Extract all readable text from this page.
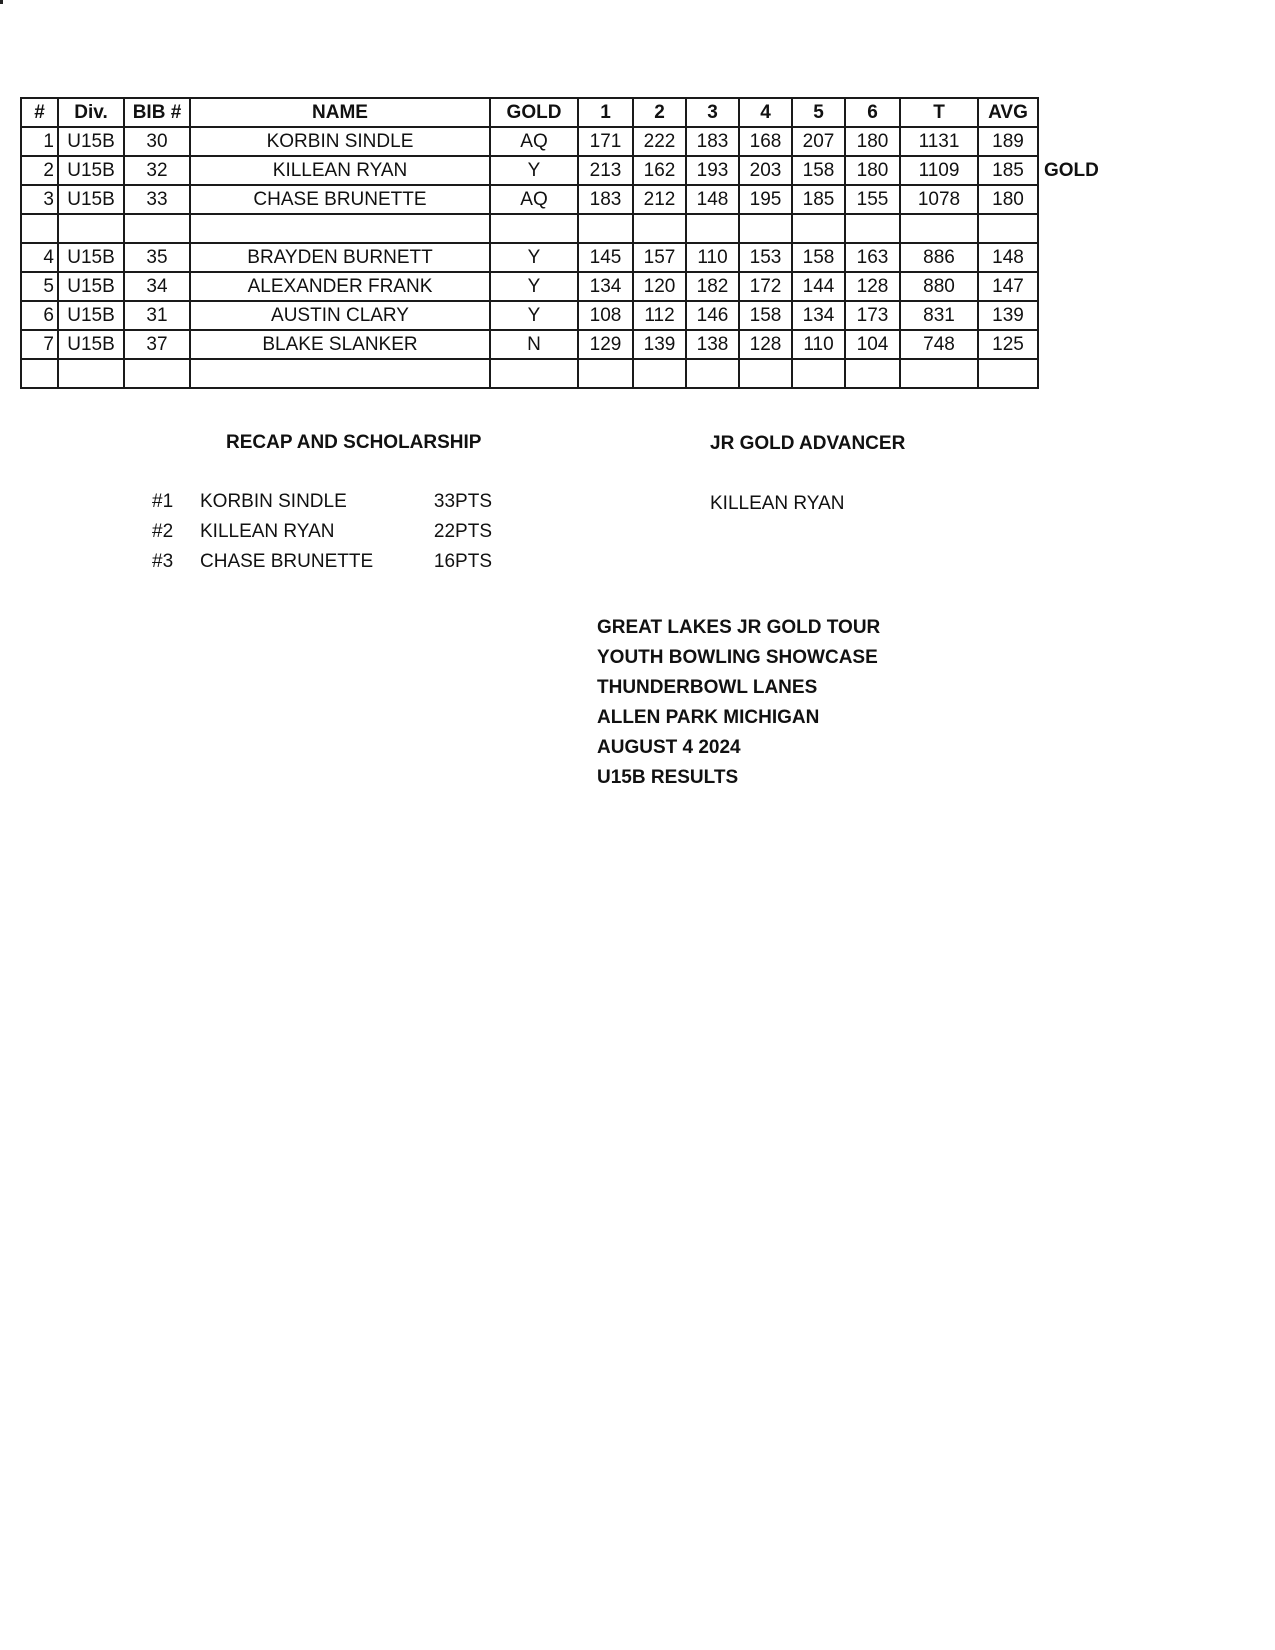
#	Div.	BIB #	NAME	GOLD	1	2	3	4	5	6	T	AVG	
1	U15B	30	KORBIN SINDLE	AQ	171	222	183	168	207	180	1131	189	
2	U15B	32	KILLEAN RYAN	Y	213	162	193	203	158	180	1109	185	GOLD
3	U15B	33	CHASE BRUNETTE	AQ	183	212	148	195	185	155	1078	180	

4	U15B	35	BRAYDEN BURNETT	Y	145	157	110	153	158	163	886	148	
5	U15B	34	ALEXANDER FRANK	Y	134	120	182	172	144	128	880	147	
6	U15B	31	AUSTIN CLARY	Y	108	112	146	158	134	173	831	139	
7	U15B	37	BLAKE SLANKER	N	129	139	138	128	110	104	748	125	

RECAP AND SCHOLARSHIP
#1	KORBIN SINDLE	33PTS
#2	KILLEAN RYAN	22PTS
#3	CHASE BRUNETTE	16PTS
JR GOLD ADVANCER
KILLEAN RYAN
GREAT LAKES JR GOLD TOUR
YOUTH BOWLING SHOWCASE
THUNDERBOWL LANES
ALLEN PARK MICHIGAN
AUGUST 4 2024
U15B RESULTS
